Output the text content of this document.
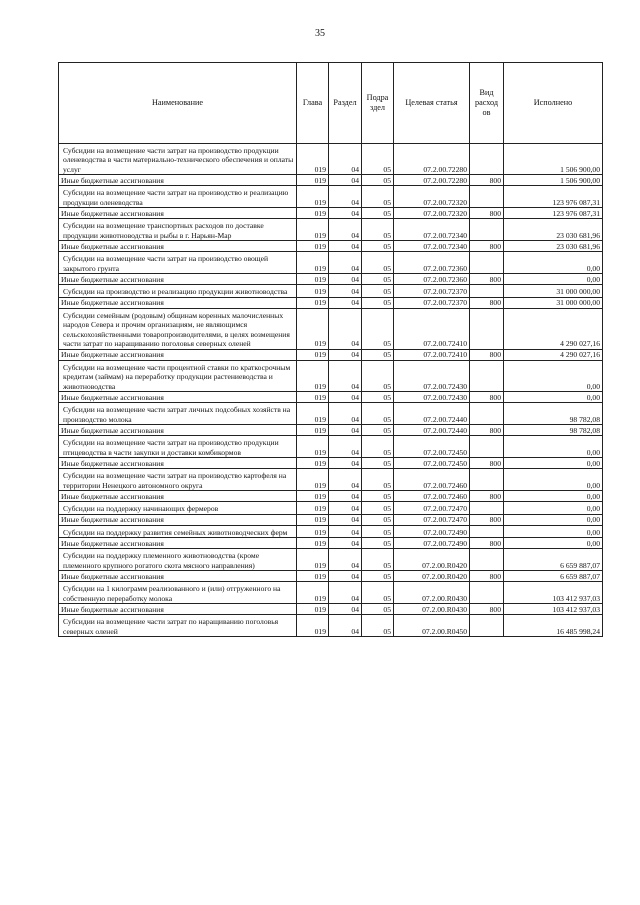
35
Наименование	Глава	Раздел	Подра здел	Целевая статья	Вид расход ов	Исполнено
Субсидии на возмещение части затрат на производство продукции оленеводства в части материально-технического обеспечения и оплаты услуг	019	04	05	07.2.00.72280		1 506 900,00
Иные бюджетные ассигнования	019	04	05	07.2.00.72280	800	1 506 900,00
Субсидии на возмещение части затрат на производство и реализацию продукции оленеводства	019	04	05	07.2.00.72320		123 976 087,31
Иные бюджетные ассигнования	019	04	05	07.2.00.72320	800	123 976 087,31
Субсидии на возмещение транспортных расходов по доставке продукции животноводства и рыбы в г. Нарьян-Мар	019	04	05	07.2.00.72340		23 030 681,96
Иные бюджетные ассигнования	019	04	05	07.2.00.72340	800	23 030 681,96
Субсидии на возмещение части затрат на производство овощей закрытого грунта	019	04	05	07.2.00.72360		0,00
Иные бюджетные ассигнования	019	04	05	07.2.00.72360	800	0,00
Субсидии на производство и реализацию продукции животноводства	019	04	05	07.2.00.72370		31 000 000,00
Иные бюджетные ассигнования	019	04	05	07.2.00.72370	800	31 000 000,00
Субсидии семейным (родовым) общинам коренных малочисленных народов Севера и прочим организациям, не являющимся сельскохозяйственными товаропроизводителями, в целях возмещения части затрат по наращиванию поголовья северных оленей	019	04	05	07.2.00.72410		4 290 027,16
Иные бюджетные ассигнования	019	04	05	07.2.00.72410	800	4 290 027,16
Субсидии на возмещение части процентной ставки по краткосрочным кредитам (займам) на переработку продукции растениеводства и животноводства	019	04	05	07.2.00.72430		0,00
Иные бюджетные ассигнования	019	04	05	07.2.00.72430	800	0,00
Субсидии на возмещение части затрат личных подсобных хозяйств на производство молока	019	04	05	07.2.00.72440		98 782,08
Иные бюджетные ассигнования	019	04	05	07.2.00.72440	800	98 782,08
Субсидии на возмещение части затрат на производство продукции птицеводства в части закупки и доставки комбикормов	019	04	05	07.2.00.72450		0,00
Иные бюджетные ассигнования	019	04	05	07.2.00.72450	800	0,00
Субсидии на возмещение части затрат на производство картофеля на территории Ненецкого автономного округа	019	04	05	07.2.00.72460		0,00
Иные бюджетные ассигнования	019	04	05	07.2.00.72460	800	0,00
Субсидии на поддержку начинающих фермеров	019	04	05	07.2.00.72470		0,00
Иные бюджетные ассигнования	019	04	05	07.2.00.72470	800	0,00
Субсидии на поддержку развития семейных животноводческих ферм	019	04	05	07.2.00.72490		0,00
Иные бюджетные ассигнования	019	04	05	07.2.00.72490	800	0,00
Субсидии на поддержку племенного животноводства (кроме племенного крупного рогатого скота мясного направления)	019	04	05	07.2.00.R0420		6 659 887,07
Иные бюджетные ассигнования	019	04	05	07.2.00.R0420	800	6 659 887,07
Субсидии на 1 килограмм реализованного и (или) отгруженного на собственную переработку молока	019	04	05	07.2.00.R0430		103 412 937,03
Иные бюджетные ассигнования	019	04	05	07.2.00.R0430	800	103 412 937,03
Субсидии на возмещение части затрат по наращиванию поголовья северных оленей	019	04	05	07.2.00.R0450		16 485 998,24
